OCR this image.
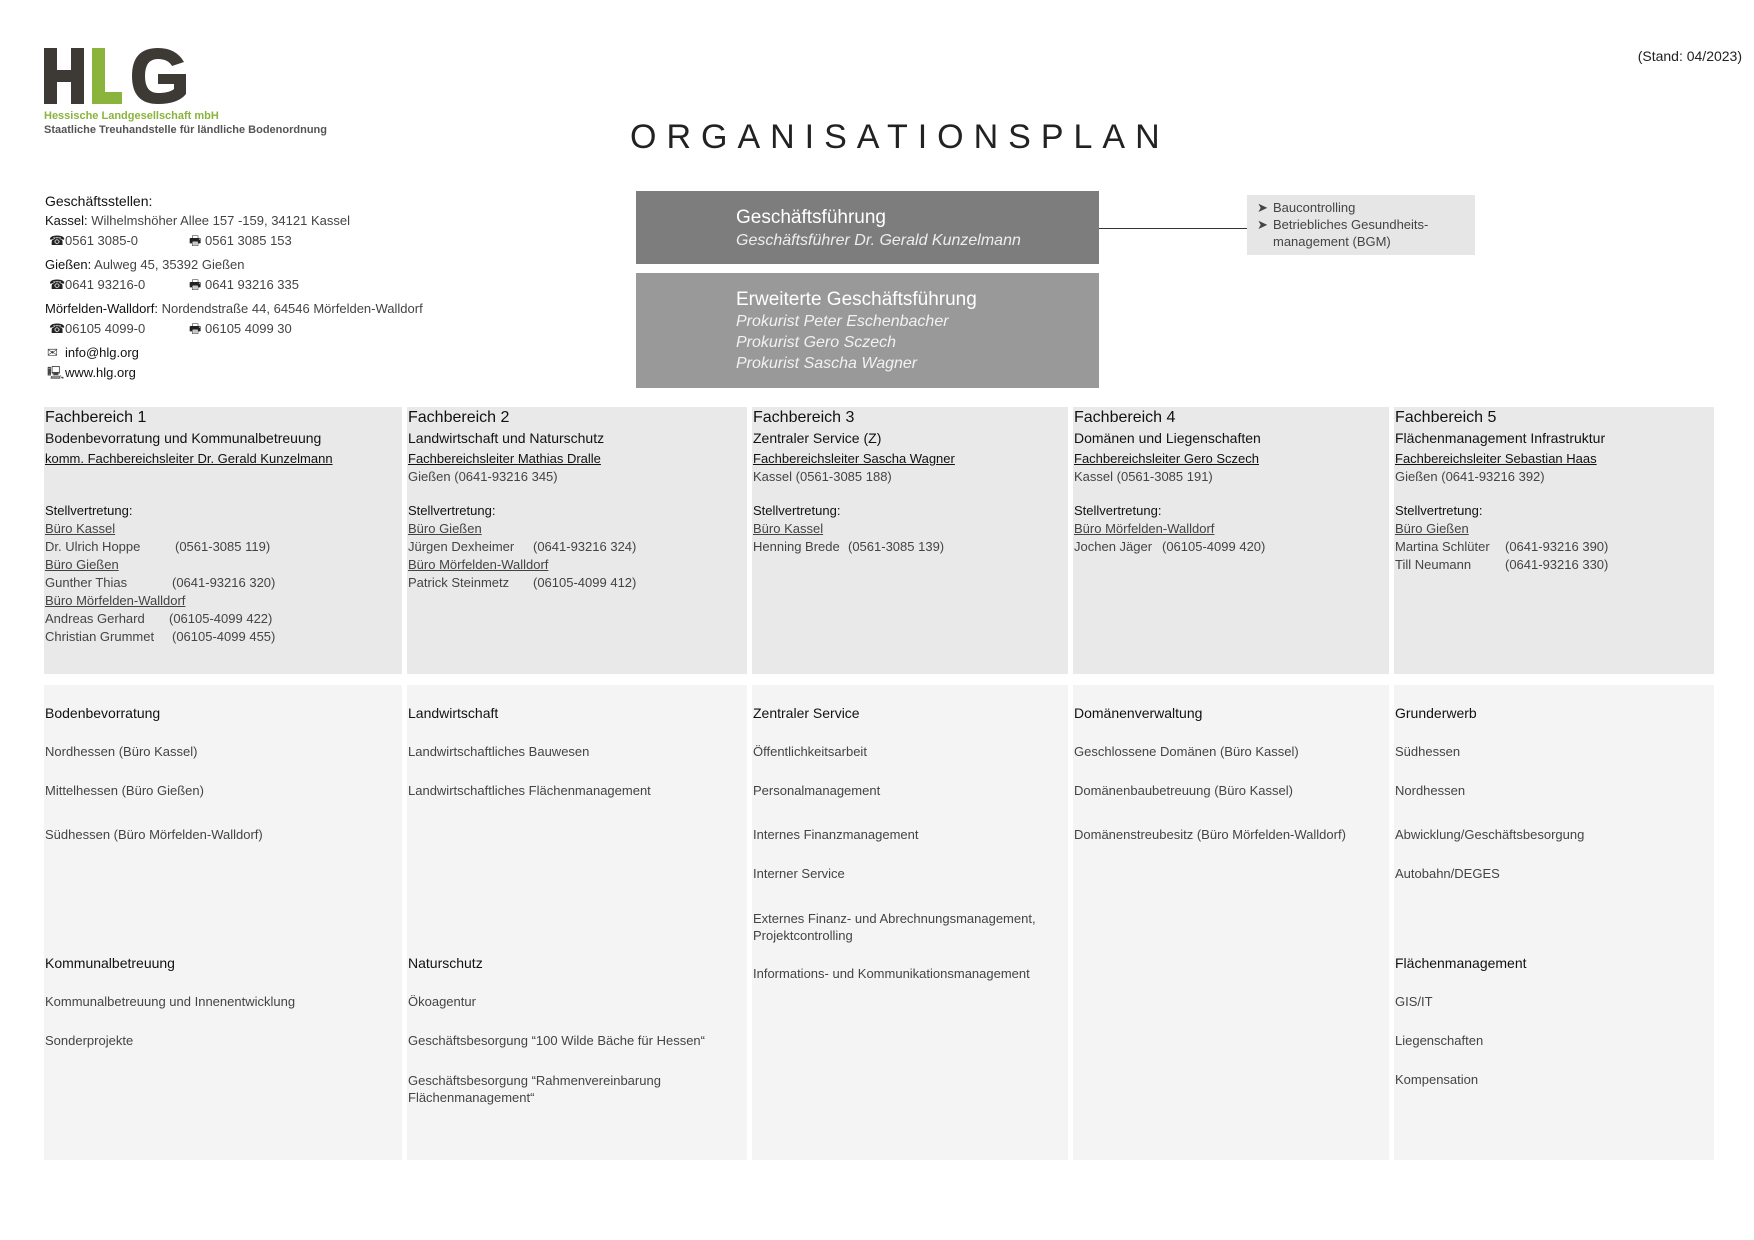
Hessische Landgesellschaft mbH
Staatliche Treuhandstelle für ländliche Bodenordnung
(Stand: 04/2023)
ORGANISATIONSPLAN
Geschäftsstellen:
Kassel: Wilhelmshöher Allee 157 -159, 34121 Kassel
☎0561 3085-0	🖶 0561 3085 153
Gießen: Aulweg 45, 35392 Gießen
☎0641 93216-0	🖶 0641 93216 335
Mörfelden-Walldorf: Nordendstraße 44, 64546 Mörfelden-Walldorf
☎06105 4099-0	🖶 06105 4099 30
✉ info@hlg.org
🖳www.hlg.org
Geschäftsführung
Geschäftsführer Dr. Gerald Kunzelmann
➤ Baucontrolling
➤ Betriebliches Gesundheits-
management (BGM)
Erweiterte Geschäftsführung
Prokurist Peter Eschenbacher
Prokurist Gero Sczech
Prokurist Sascha Wagner
Fachbereich 1
Bodenbevorratung und Kommunalbetreuung
komm. Fachbereichsleiter Dr. Gerald Kunzelmann
Stellvertretung:
Büro Kassel
Dr. Ulrich Hoppe	(0561-3085 119)
Büro Gießen
Gunther Thias	(0641-93216 320)
Büro Mörfelden-Walldorf
Andreas Gerhard (06105-4099 422)
Christian Grummet (06105-4099 455)
Fachbereich 2
Landwirtschaft und Naturschutz
Fachbereichsleiter Mathias Dralle
Gießen (0641-93216 345)
Stellvertretung:
Büro Gießen
Jürgen Dexheimer (0641-93216 324)
Büro Mörfelden-Walldorf
Patrick Steinmetz (06105-4099 412)
Fachbereich 3
Zentraler Service (Z)
Fachbereichsleiter Sascha Wagner
Kassel (0561-3085 188)
Stellvertretung:
Büro Kassel
Henning Brede (0561-3085 139)
Fachbereich 4
Domänen und Liegenschaften
Fachbereichsleiter Gero Sczech
Kassel (0561-3085 191)
Stellvertretung:
Büro Mörfelden-Walldorf
Jochen Jäger (06105-4099 420)
Fachbereich 5
Flächenmanagement Infrastruktur
Fachbereichsleiter Sebastian Haas
Gießen (0641-93216 392)
Stellvertretung:
Büro Gießen
Martina Schlüter (0641-93216 390)
Till Neumann	(0641-93216 330)
Bodenbevorratung
Nordhessen (Büro Kassel)
Mittelhessen (Büro Gießen)
Südhessen (Büro Mörfelden-Walldorf)
Kommunalbetreuung
Kommunalbetreuung und Innenentwicklung
Sonderprojekte
Landwirtschaft
Landwirtschaftliches Bauwesen
Landwirtschaftliches Flächenmanagement
Naturschutz
Ökoagentur
Geschäftsbesorgung “100 Wilde Bäche für Hessen“
Geschäftsbesorgung “Rahmenvereinbarung
Flächenmanagement“
Zentraler Service
Öffentlichkeitsarbeit
Personalmanagement
Internes Finanzmanagement
Interner Service
Externes Finanz- und Abrechnungsmanagement,
Projektcontrolling
Informations- und Kommunikationsmanagement
Domänenverwaltung
Geschlossene Domänen (Büro Kassel)
Domänenbaubetreuung (Büro Kassel)
Domänenstreubesitz (Büro Mörfelden-Walldorf)
Grunderwerb
Südhessen
Nordhessen
Abwicklung/Geschäftsbesorgung
Autobahn/DEGES
Flächenmanagement
GIS/IT
Liegenschaften
Kompensation
